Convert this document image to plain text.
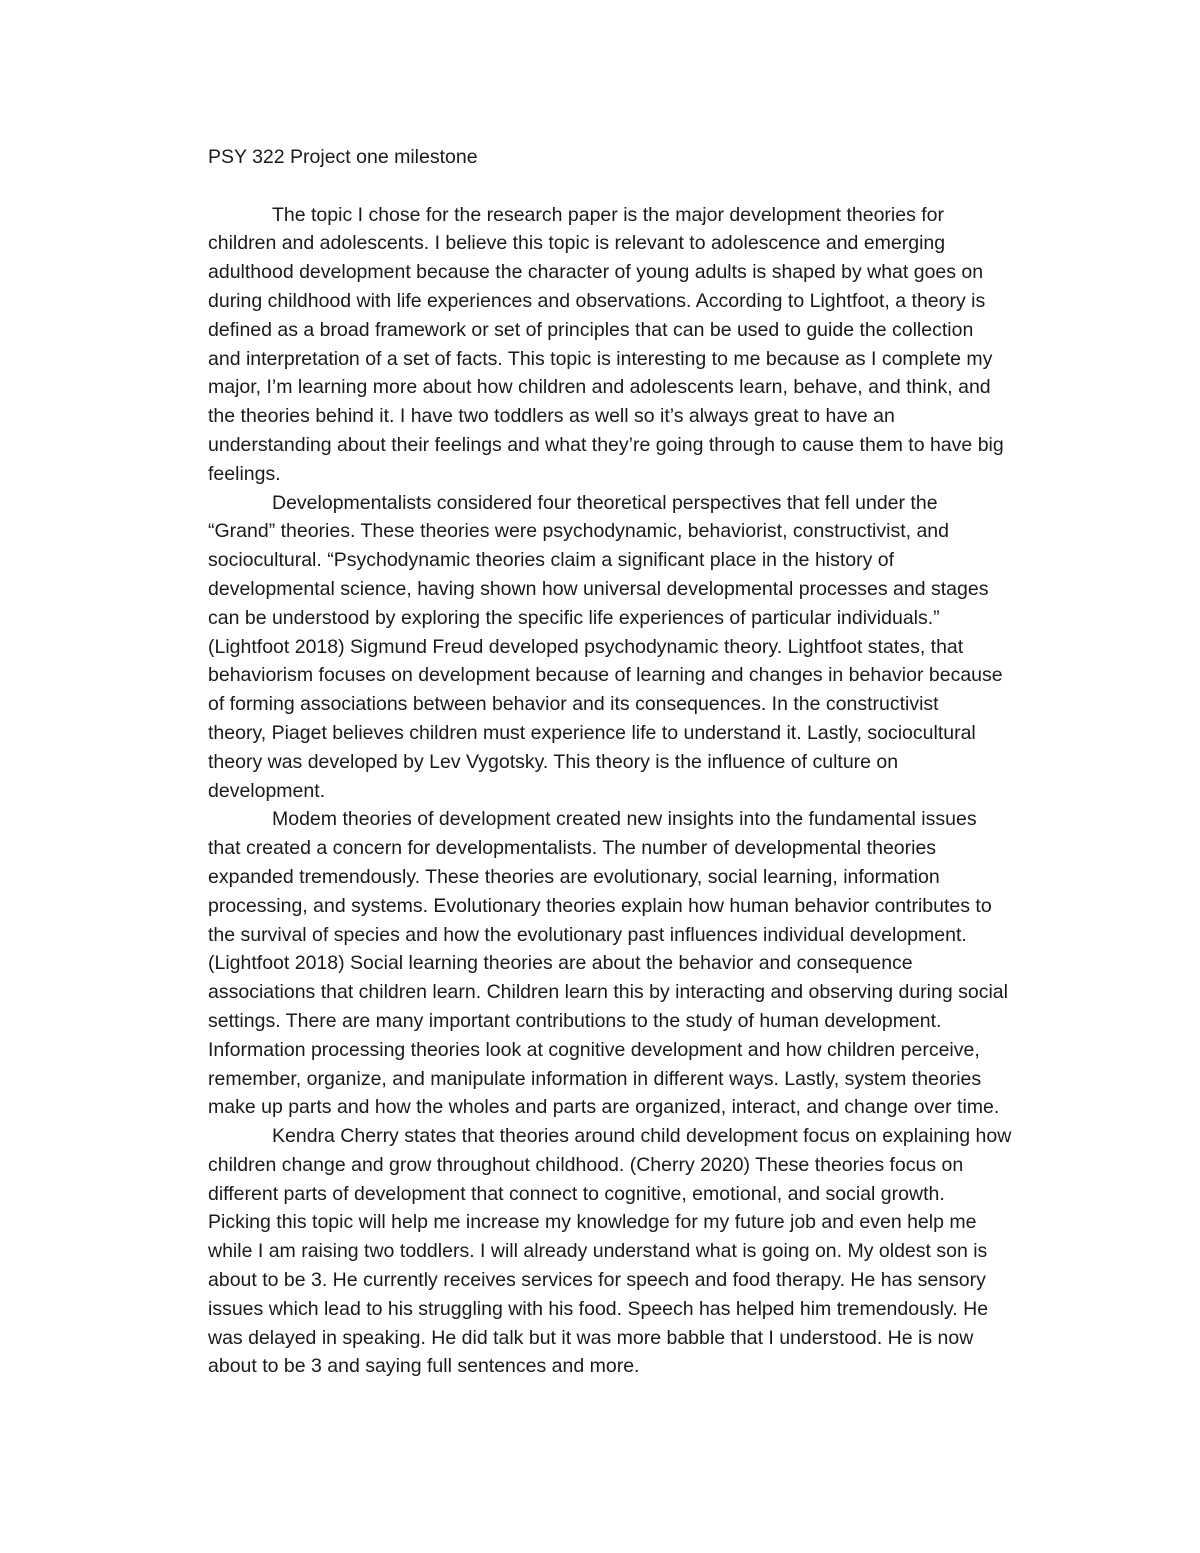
PSY 322 Project one milestone

The topic I chose for the research paper is the major development theories for
children and adolescents. I believe this topic is relevant to adolescence and emerging
adulthood development because the character of young adults is shaped by what goes on
during childhood with life experiences and observations. According to Lightfoot, a theory is
defined as a broad framework or set of principles that can be used to guide the collection
and interpretation of a set of facts. This topic is interesting to me because as I complete my
major, I’m learning more about how children and adolescents learn, behave, and think, and
the theories behind it. I have two toddlers as well so it’s always great to have an
understanding about their feelings and what they’re going through to cause them to have big
feelings.

Developmentalists considered four theoretical perspectives that fell under the
“Grand” theories. These theories were psychodynamic, behaviorist, constructivist, and
sociocultural. “Psychodynamic theories claim a significant place in the history of
developmental science, having shown how universal developmental processes and stages
can be understood by exploring the specific life experiences of particular individuals.”
(Lightfoot 2018) Sigmund Freud developed psychodynamic theory. Lightfoot states, that
behaviorism focuses on development because of learning and changes in behavior because
of forming associations between behavior and its consequences. In the constructivist
theory, Piaget believes children must experience life to understand it. Lastly, sociocultural
theory was developed by Lev Vygotsky. This theory is the influence of culture on
development.

Modem theories of development created new insights into the fundamental issues
that created a concern for developmentalists. The number of developmental theories
expanded tremendously. These theories are evolutionary, social learning, information
processing, and systems. Evolutionary theories explain how human behavior contributes to
the survival of species and how the evolutionary past influences individual development.
(Lightfoot 2018) Social learning theories are about the behavior and consequence
associations that children learn. Children learn this by interacting and observing during social
settings. There are many important contributions to the study of human development.
Information processing theories look at cognitive development and how children perceive,
remember, organize, and manipulate information in different ways. Lastly, system theories
make up parts and how the wholes and parts are organized, interact, and change over time.

Kendra Cherry states that theories around child development focus on explaining how
children change and grow throughout childhood. (Cherry 2020) These theories focus on
different parts of development that connect to cognitive, emotional, and social growth.
Picking this topic will help me increase my knowledge for my future job and even help me
while I am raising two toddlers. I will already understand what is going on. My oldest son is
about to be 3. He currently receives services for speech and food therapy. He has sensory
issues which lead to his struggling with his food. Speech has helped him tremendously. He
was delayed in speaking. He did talk but it was more babble that I understood. He is now
about to be 3 and saying full sentences and more.
